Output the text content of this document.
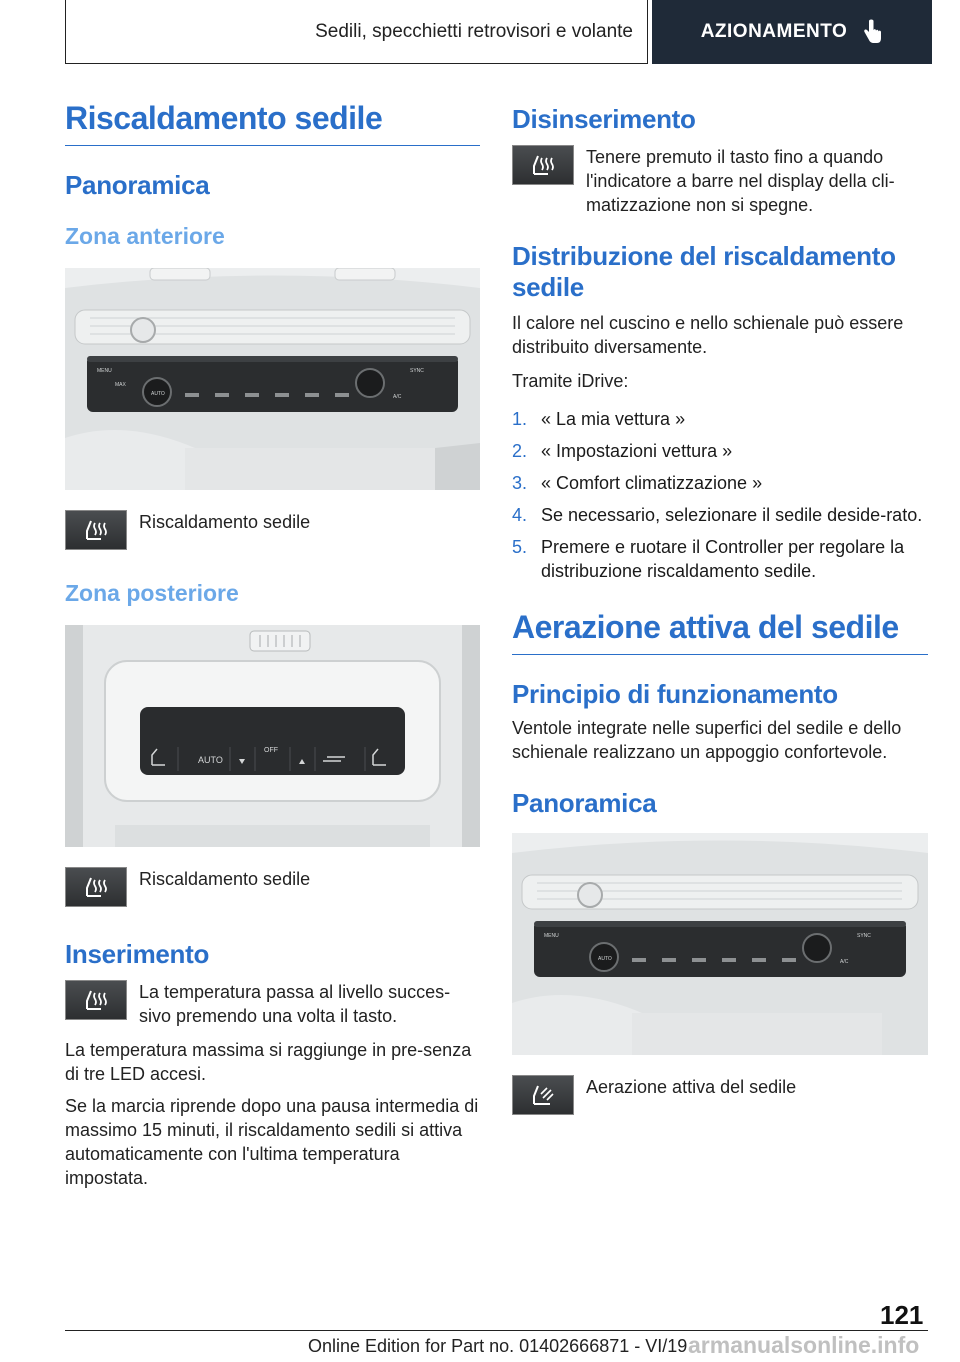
Sedili, specchietti retrovisori e volante	AZIONAMENTO
Riscaldamento sedile
Panoramica
Zona anteriore
MENU
MAX
AUTO
SYNC
A/C
Riscaldamento sedile
Zona posteriore
AUTO
OFF
Riscaldamento sedile
Inserimento
La temperatura passa al livello succes-sivo premendo una volta il tasto.

La temperatura massima si raggiunge in pre-senza di tre LED accesi.

Se la marcia riprende dopo una pausa intermedia di massimo 15 minuti, il riscaldamento sedili si attiva automaticamente con l'ultima temperatura impostata.

Disinserimento
Tenere premuto il tasto fino a quando l'indicatore a barre nel display della cli-matizzazione non si spegne.
Distribuzione del riscaldamento sedile

Il calore nel cuscino e nello schienale può essere distribuito diversamente.

Tramite iDrive:

1. « La mia vettura »
2. « Impostazioni vettura »
3. « Comfort climatizzazione »
4. Se necessario, selezionare il sedile deside-rato.
5. Premere e ruotare il Controller per regolare la distribuzione riscaldamento sedile.
Aerazione attiva del sedile
Principio di funzionamento

Ventole integrate nelle superfici del sedile e dello schienale realizzano un appoggio confortevole.

Panoramica
MENU
AUTO
SYNC
A/C
Aerazione attiva del sedile
121
Online Edition for Part no. 01402666871 - VI/19 armanualsonline.info
